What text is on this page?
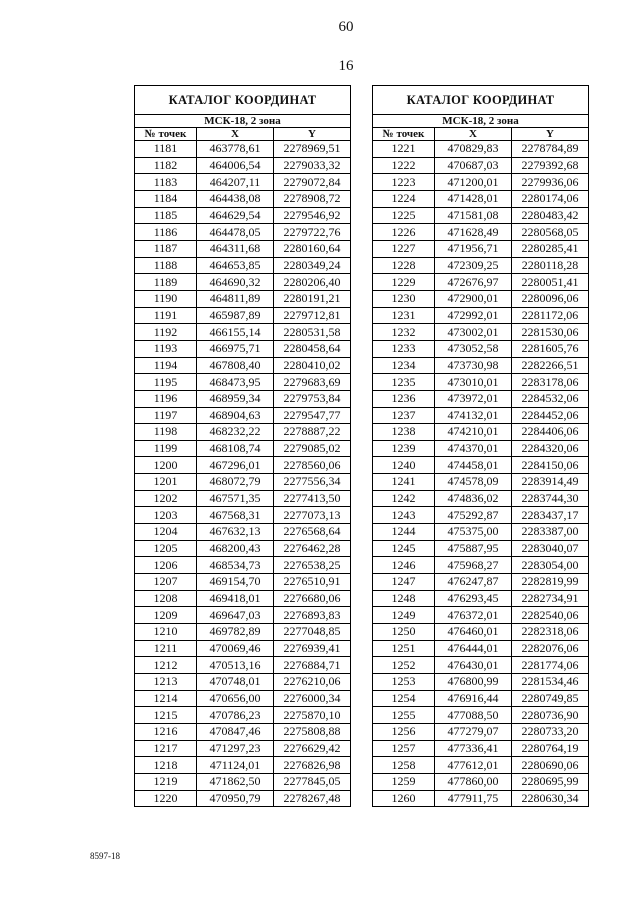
60
16
КАТАЛОГ КООРДИНАТ		
МСК-18, 2 зона		
№ точек	X	Y
1181	463778,61	2278969,51
1182	464006,54	2279033,32
1183	464207,11	2279072,84
1184	464438,08	2278908,72
1185	464629,54	2279546,92
1186	464478,05	2279722,76
1187	464311,68	2280160,64
1188	464653,85	2280349,24
1189	464690,32	2280206,40
1190	464811,89	2280191,21
1191	465987,89	2279712,81
1192	466155,14	2280531,58
1193	466975,71	2280458,64
1194	467808,40	2280410,02
1195	468473,95	2279683,69
1196	468959,34	2279753,84
1197	468904,63	2279547,77
1198	468232,22	2278887,22
1199	468108,74	2279085,02
1200	467296,01	2278560,06
1201	468072,79	2277556,34
1202	467571,35	2277413,50
1203	467568,31	2277073,13
1204	467632,13	2276568,64
1205	468200,43	2276462,28
1206	468534,73	2276538,25
1207	469154,70	2276510,91
1208	469418,01	2276680,06
1209	469647,03	2276893,83
1210	469782,89	2277048,85
1211	470069,46	2276939,41
1212	470513,16	2276884,71
1213	470748,01	2276210,06
1214	470656,00	2276000,34
1215	470786,23	2275870,10
1216	470847,46	2275808,88
1217	471297,23	2276629,42
1218	471124,01	2276826,98
1219	471862,50	2277845,05
1220	470950,79	2278267,48
КАТАЛОГ КООРДИНАТ		
МСК-18, 2 зона		
№ точек	X	Y
1221	470829,83	2278784,89
1222	470687,03	2279392,68
1223	471200,01	2279936,06
1224	471428,01	2280174,06
1225	471581,08	2280483,42
1226	471628,49	2280568,05
1227	471956,71	2280285,41
1228	472309,25	2280118,28
1229	472676,97	2280051,41
1230	472900,01	2280096,06
1231	472992,01	2281172,06
1232	473002,01	2281530,06
1233	473052,58	2281605,76
1234	473730,98	2282266,51
1235	473010,01	2283178,06
1236	473972,01	2284532,06
1237	474132,01	2284452,06
1238	474210,01	2284406,06
1239	474370,01	2284320,06
1240	474458,01	2284150,06
1241	474578,09	2283914,49
1242	474836,02	2283744,30
1243	475292,87	2283437,17
1244	475375,00	2283387,00
1245	475887,95	2283040,07
1246	475968,27	2283054,00
1247	476247,87	2282819,99
1248	476293,45	2282734,91
1249	476372,01	2282540,06
1250	476460,01	2282318,06
1251	476444,01	2282076,06
1252	476430,01	2281774,06
1253	476800,99	2281534,46
1254	476916,44	2280749,85
1255	477088,50	2280736,90
1256	477279,07	2280733,20
1257	477336,41	2280764,19
1258	477612,01	2280690,06
1259	477860,00	2280695,99
1260	477911,75	2280630,34
8597-18
